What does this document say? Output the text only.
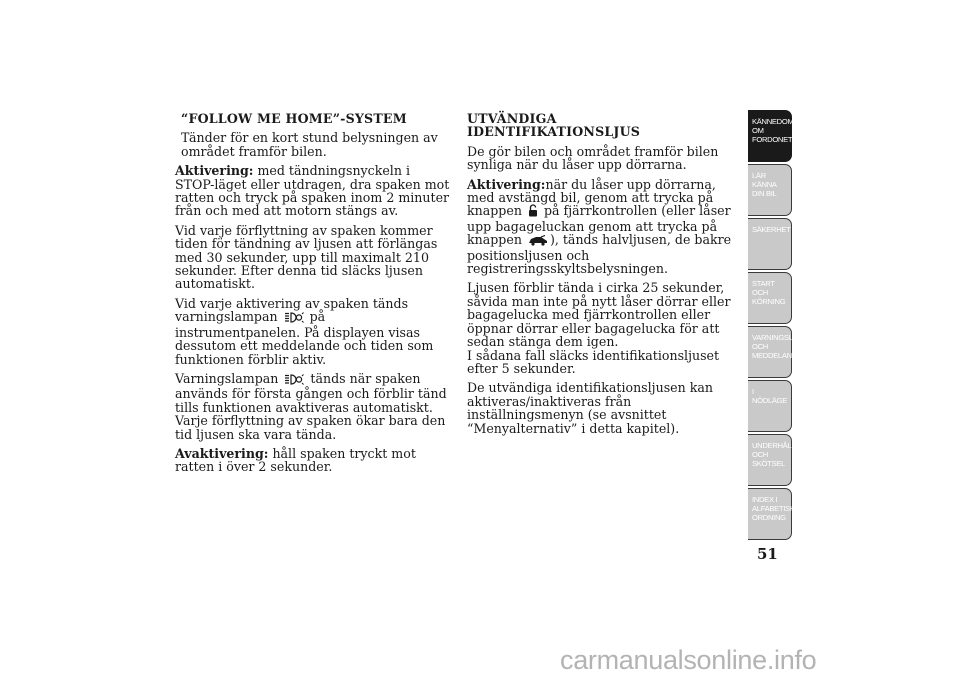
“FOLLOW ME HOME”-SYSTEM

Tänder för en kort stund belysningen av området framför bilen.

Aktivering: med tändningsnyckeln i STOP-läget eller utdragen, dra spaken mot ratten och tryck på spaken inom 2 minuter från och med att motorn stängs av.

Vid varje förflyttning av spaken kommer tiden för tändning av ljusen att förlängas med 30 sekunder, upp till maximalt 210 sekunder. Efter denna tid släcks ljusen automatiskt.

Vid varje aktivering av spaken tänds varningslampan  på instrumentpanelen. På displayen visas dessutom ett meddelande och tiden som funktionen förblir aktiv.

Varningslampan  tänds när spaken används för första gången och förblir tänd tills funktionen avaktiveras automatiskt. Varje förflyttning av spaken ökar bara den tid ljusen ska vara tända.

Avaktivering: håll spaken tryckt mot ratten i över 2 sekunder.

UTVÄNDIGA IDENTIFIKATIONSLJUS

De gör bilen och området framför bilen synliga när du låser upp dörrarna.

Aktivering:när du låser upp dörrarna, med avstängd bil, genom att trycka på knappen  på fjärrkontrollen (eller låser upp bagageluckan genom att trycka på knappen ), tänds halvljusen, de bakre positionsljusen och registreringsskyltsbelysningen.

Ljusen förblir tända i cirka 25 sekunder, såvida man inte på nytt låser dörrar eller bagagelucka med fjärrkontrollen eller öppnar dörrar eller bagagelucka för att sedan stänga dem igen.

I sådana fall släcks identifikationsljuset efter 5 sekunder.

De utvändiga identifikationsljusen kan aktiveras/inaktiveras från inställningsmenyn (se avsnittet “Menyalternativ” i detta kapitel).

KÄNNEDOM OM FORDONET
LÄR KÄNNA DIN BIL
SÄKERHET
START OCH KÖRNING
VARNINGSLAMPOR OCH MEDDELANDEN
I NÖDLÄGE
UNDERHÅLL OCH SKÖTSEL
INDEX I ALFABETISK ORDNING
51
carmanualsonline.info
